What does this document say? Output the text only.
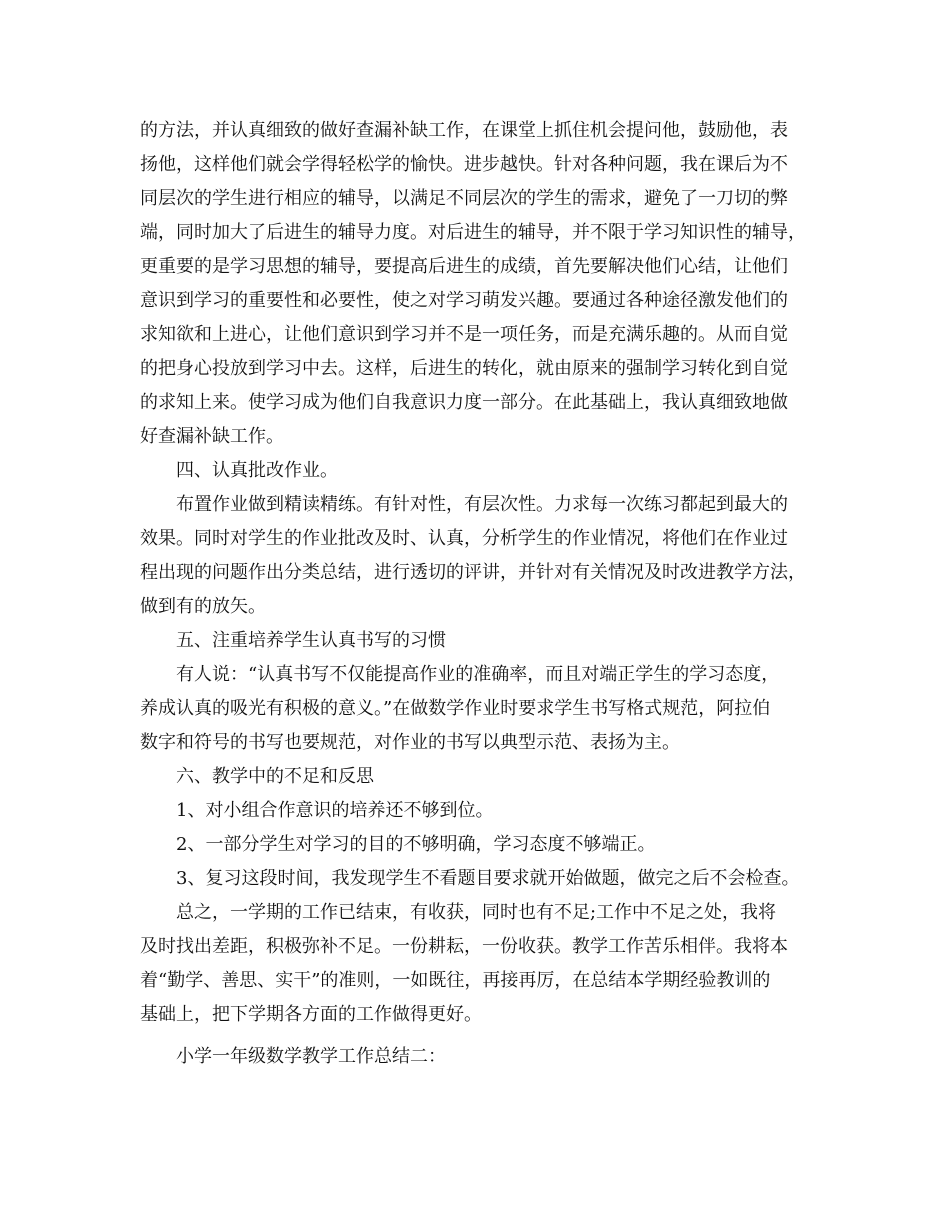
的方法，并认真细致的做好查漏补缺工作，在课堂上抓住机会提问他，鼓励他，表
扬他，这样他们就会学得轻松学的愉快。进步越快。针对各种问题，我在课后为不
同层次的学生进行相应的辅导，以满足不同层次的学生的需求，避免了一刀切的弊
端，同时加大了后进生的辅导力度。对后进生的辅导，并不限于学习知识性的辅导，
更重要的是学习思想的辅导，要提高后进生的成绩，首先要解决他们心结，让他们
意识到学习的重要性和必要性，使之对学习萌发兴趣。要通过各种途径激发他们的
求知欲和上进心，让他们意识到学习并不是一项任务，而是充满乐趣的。从而自觉
的把身心投放到学习中去。这样，后进生的转化，就由原来的强制学习转化到自觉
的求知上来。使学习成为他们自我意识力度一部分。在此基础上，我认真细致地做
好查漏补缺工作。
四、认真批改作业。
布置作业做到精读精练。有针对性，有层次性。力求每一次练习都起到最大的
效果。同时对学生的作业批改及时、认真，分析学生的作业情况，将他们在作业过
程出现的问题作出分类总结，进行透切的评讲，并针对有关情况及时改进教学方法，
做到有的放矢。
五、注重培养学生认真书写的习惯
有人说：“认真书写不仅能提高作业的准确率，而且对端正学生的学习态度，
养成认真的吸光有积极的意义。”在做数学作业时要求学生书写格式规范，阿拉伯
数字和符号的书写也要规范，对作业的书写以典型示范、表扬为主。
六、教学中的不足和反思
1、对小组合作意识的培养还不够到位。
2、一部分学生对学习的目的不够明确，学习态度不够端正。
3、复习这段时间，我发现学生不看题目要求就开始做题，做完之后不会检查。
总之，一学期的工作已结束，有收获，同时也有不足;工作中不足之处，我将
及时找出差距，积极弥补不足。一份耕耘，一份收获。教学工作苦乐相伴。我将本
着“勤学、善思、实干”的准则，一如既往，再接再厉，在总结本学期经验教训的
基础上，把下学期各方面的工作做得更好。
小学一年级数学教学工作总结二：
